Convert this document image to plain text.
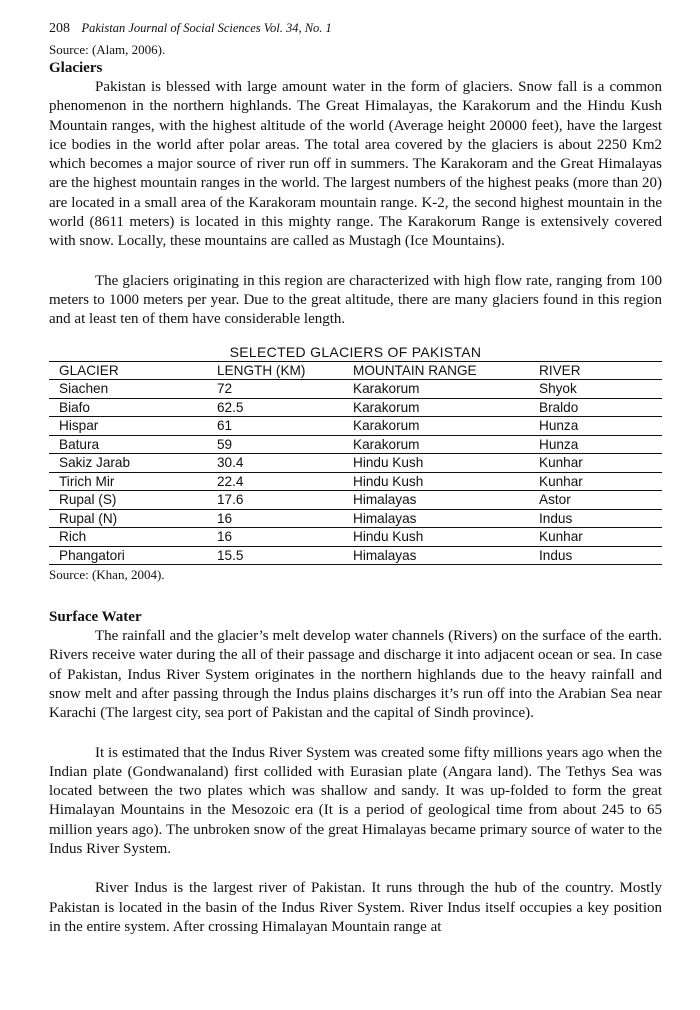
208 Pakistan Journal of Social Sciences Vol. 34, No. 1
Source: (Alam, 2006).
Glaciers

Pakistan is blessed with large amount water in the form of glaciers. Snow fall is a common phenomenon in the northern highlands. The Great Himalayas, the Karakorum and the Hindu Kush Mountain ranges, with the highest altitude of the world (Average height 20000 feet), have the largest ice bodies in the world after polar areas. The total area covered by the glaciers is about 2250 Km2 which becomes a major source of river run off in summers. The Karakoram and the Great Himalayas are the highest mountain ranges in the world. The largest numbers of the highest peaks (more than 20) are located in a small area of the Karakoram mountain range. K-2, the second highest mountain in the world (8611 meters) is located in this mighty range. The Karakorum Range is extensively covered with snow. Locally, these mountains are called as Mustagh (Ice Mountains).

The glaciers originating in this region are characterized with high flow rate, ranging from 100 meters to 1000 meters per year. Due to the great altitude, there are many glaciers found in this region and at least ten of them have considerable length.

SELECTED GLACIERS OF PAKISTAN
GLACIER	LENGTH (KM)	MOUNTAIN RANGE	RIVER
Siachen	72	Karakorum	Shyok
Biafo	62.5	Karakorum	Braldo
Hispar	61	Karakorum	Hunza
Batura	59	Karakorum	Hunza
Sakiz Jarab	30.4	Hindu Kush	Kunhar
Tirich Mir	22.4	Hindu Kush	Kunhar
Rupal (S)	17.6	Himalayas	Astor
Rupal (N)	16	Himalayas	Indus
Rich	16	Hindu Kush	Kunhar
Phangatori	15.5	Himalayas	Indus
Source: (Khan, 2004).
Surface Water

The rainfall and the glacier’s melt develop water channels (Rivers) on the surface of the earth. Rivers receive water during the all of their passage and discharge it into adjacent ocean or sea. In case of Pakistan, Indus River System originates in the northern highlands due to the heavy rainfall and snow melt and after passing through the Indus plains discharges it’s run off into the Arabian Sea near Karachi (The largest city, sea port of Pakistan and the capital of Sindh province).

It is estimated that the Indus River System was created some fifty millions years ago when the Indian plate (Gondwanaland) first collided with Eurasian plate (Angara land). The Tethys Sea was located between the two plates which was shallow and sandy. It was up-folded to form the great Himalayan Mountains in the Mesozoic era (It is a period of geological time from about 245 to 65 million years ago). The unbroken snow of the great Himalayas became primary source of water to the Indus River System.

River Indus is the largest river of Pakistan. It runs through the hub of the country. Mostly Pakistan is located in the basin of the Indus River System. River Indus itself occupies a key position in the entire system. After crossing Himalayan Mountain range at
